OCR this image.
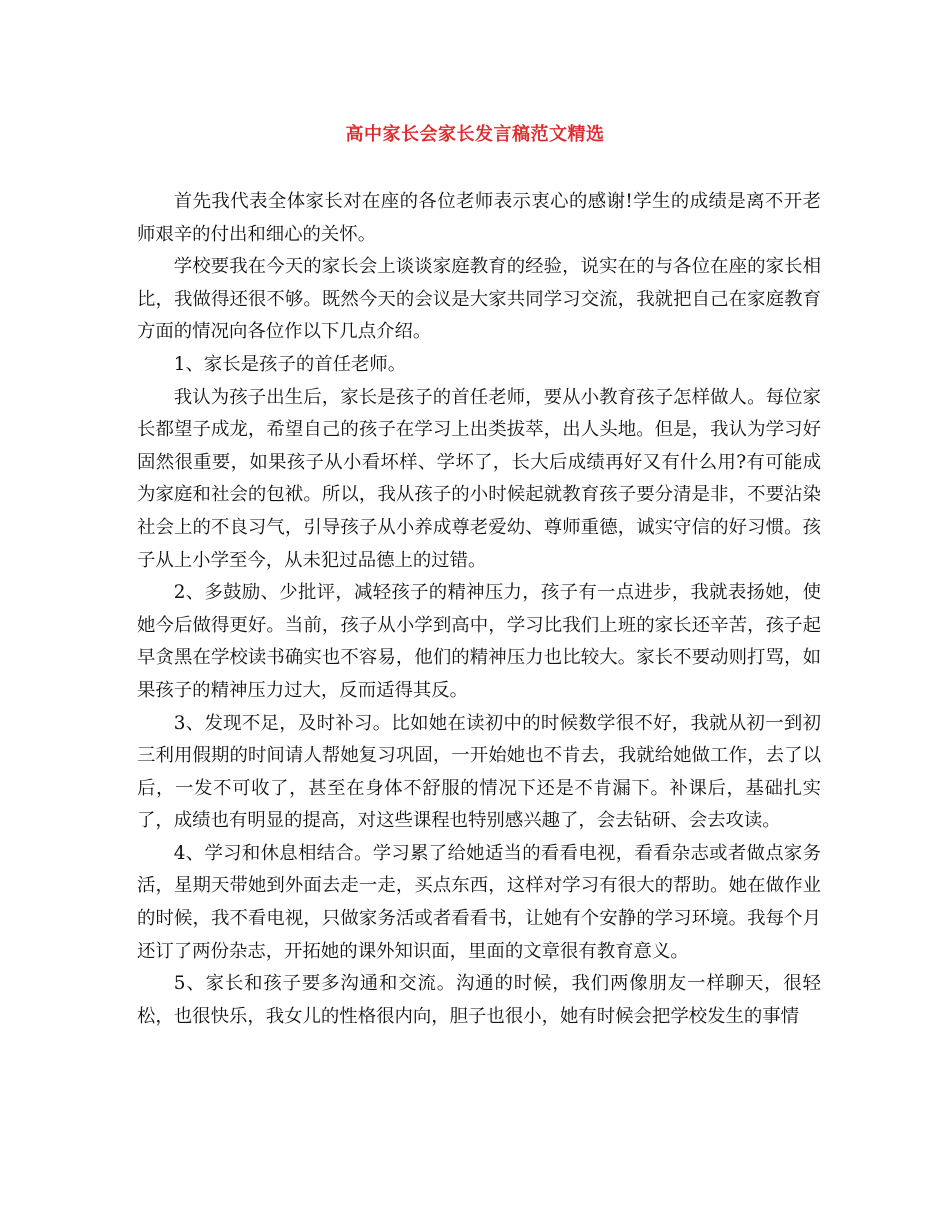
高中家长会家长发言稿范文精选

首先我代表全体家长对在座的各位老师表示衷心的感谢!学生的成绩是离不开老师艰辛的付出和细心的关怀。

学校要我在今天的家长会上谈谈家庭教育的经验，说实在的与各位在座的家长相比，我做得还很不够。既然今天的会议是大家共同学习交流，我就把自己在家庭教育方面的情况向各位作以下几点介绍。

1、家长是孩子的首任老师。

我认为孩子出生后，家长是孩子的首任老师，要从小教育孩子怎样做人。每位家长都望子成龙，希望自己的孩子在学习上出类拔萃，出人头地。但是，我认为学习好固然很重要，如果孩子从小看坏样、学坏了，长大后成绩再好又有什么用?有可能成为家庭和社会的包袱。所以，我从孩子的小时候起就教育孩子要分清是非，不要沾染社会上的不良习气，引导孩子从小养成尊老爱幼、尊师重德，诚实守信的好习惯。孩子从上小学至今，从未犯过品德上的过错。

2、多鼓励、少批评，减轻孩子的精神压力，孩子有一点进步，我就表扬她，使她今后做得更好。当前，孩子从小学到高中，学习比我们上班的家长还辛苦，孩子起早贪黑在学校读书确实也不容易，他们的精神压力也比较大。家长不要动则打骂，如果孩子的精神压力过大，反而适得其反。

3、发现不足，及时补习。比如她在读初中的时候数学很不好，我就从初一到初三利用假期的时间请人帮她复习巩固，一开始她也不肯去，我就给她做工作，去了以后，一发不可收了，甚至在身体不舒服的情况下还是不肯漏下。补课后，基础扎实了，成绩也有明显的提高，对这些课程也特别感兴趣了，会去钻研、会去攻读。

4、学习和休息相结合。学习累了给她适当的看看电视，看看杂志或者做点家务活，星期天带她到外面去走一走，买点东西，这样对学习有很大的帮助。她在做作业的时候，我不看电视，只做家务活或者看看书，让她有个安静的学习环境。我每个月还订了两份杂志，开拓她的课外知识面，里面的文章很有教育意义。

5、家长和孩子要多沟通和交流。沟通的时候，我们两像朋友一样聊天，很轻松，也很快乐，我女儿的性格很内向，胆子也很小，她有时候会把学校发生的事情
